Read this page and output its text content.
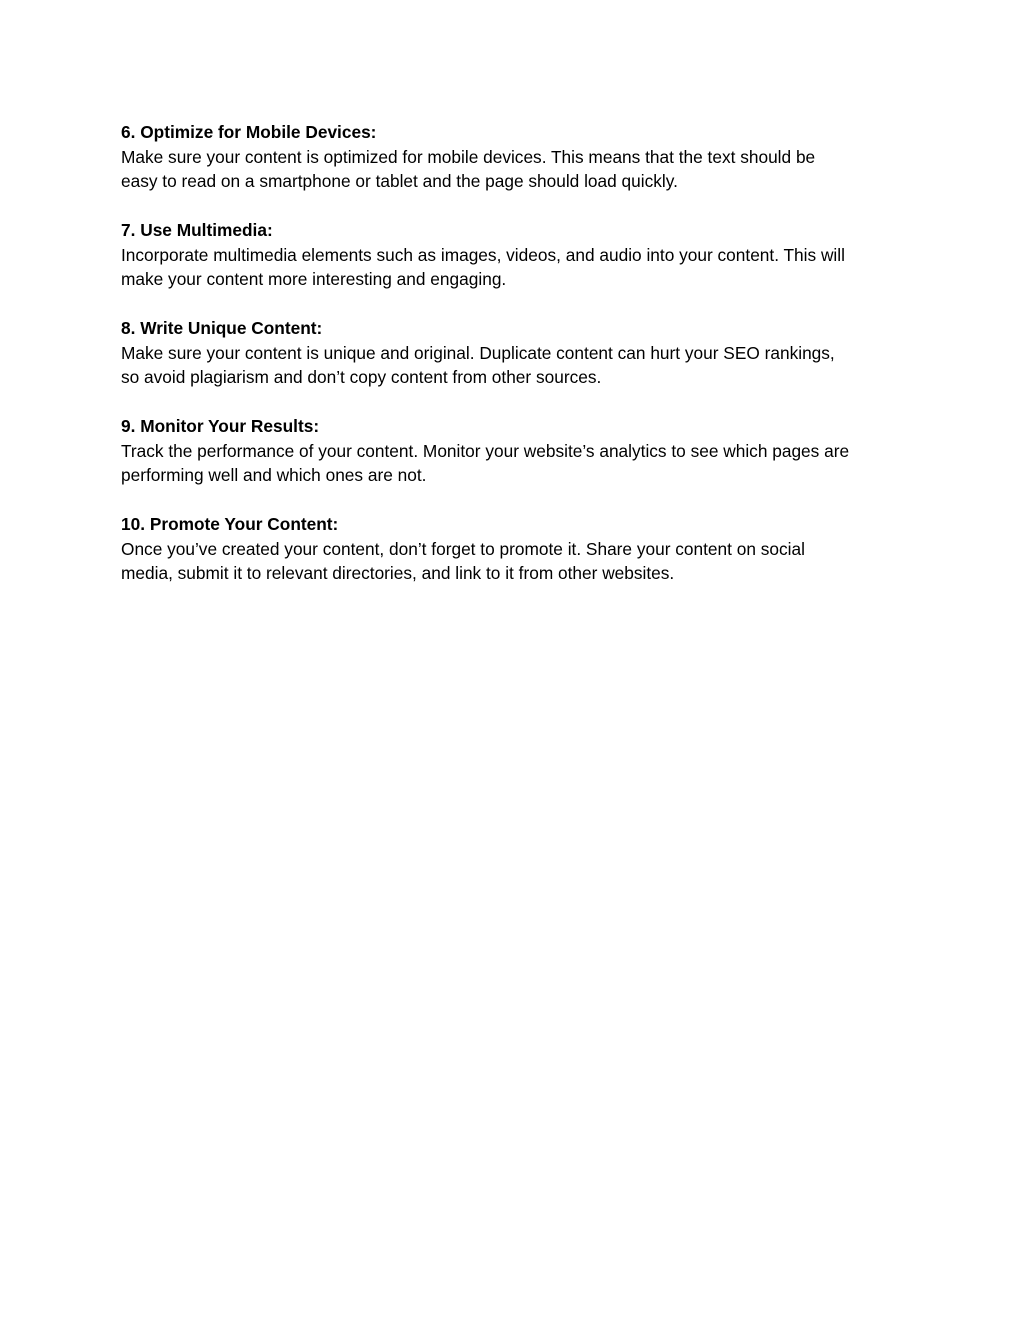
6. Optimize for Mobile Devices:

Make sure your content is optimized for mobile devices. This means that the text should be
easy to read on a smartphone or tablet and the page should load quickly.

7. Use Multimedia:

Incorporate multimedia elements such as images, videos, and audio into your content. This will
make your content more interesting and engaging.

8. Write Unique Content:

Make sure your content is unique and original. Duplicate content can hurt your SEO rankings,
so avoid plagiarism and don’t copy content from other sources.

9. Monitor Your Results:

Track the performance of your content. Monitor your website’s analytics to see which pages are
performing well and which ones are not.

10. Promote Your Content:

Once you’ve created your content, don’t forget to promote it. Share your content on social
media, submit it to relevant directories, and link to it from other websites.
